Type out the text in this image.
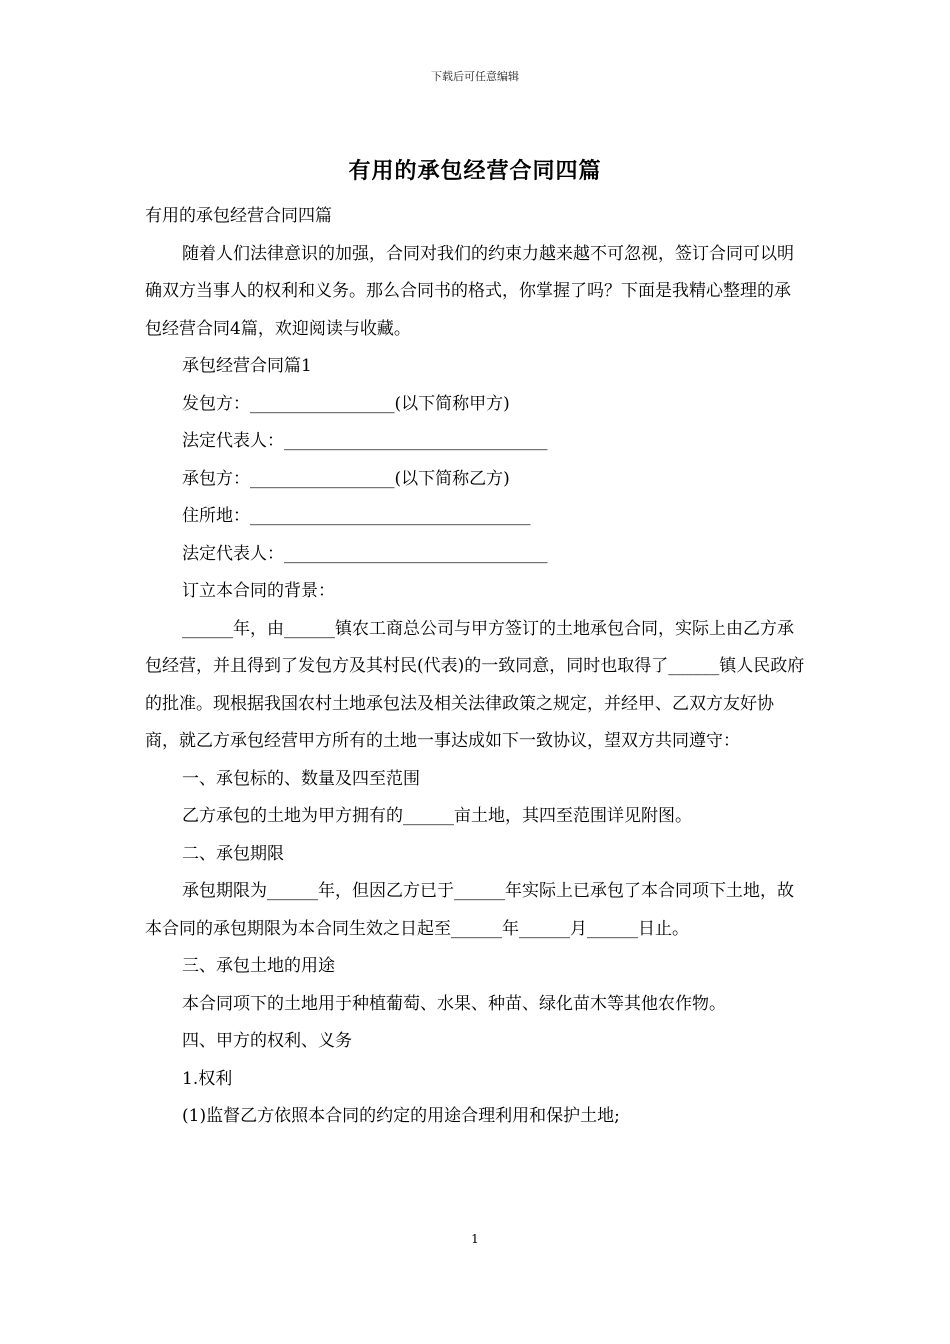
下载后可任意编辑
有用的承包经营合同四篇

有用的承包经营合同四篇

随着人们法律意识的加强，合同对我们的约束力越来越不可忽视，签订合同可以明确双方当事人的权利和义务。那么合同书的格式，你掌握了吗？下面是我精心整理的承包经营合同4篇，欢迎阅读与收藏。

承包经营合同篇1

发包方：_________________(以下简称甲方)

法定代表人：_______________________________

承包方：_________________(以下简称乙方)

住所地：_________________________________

法定代表人：_______________________________

订立本合同的背景：

______年，由______镇农工商总公司与甲方签订的土地承包合同，实际上由乙方承包经营，并且得到了发包方及其村民(代表)的一致同意，同时也取得了______镇人民政府的批准。现根据我国农村土地承包法及相关法律政策之规定，并经甲、乙双方友好协商，就乙方承包经营甲方所有的土地一事达成如下一致协议，望双方共同遵守：

一、承包标的、数量及四至范围

乙方承包的土地为甲方拥有的______亩土地，其四至范围详见附图。

二、承包期限

承包期限为______年，但因乙方已于______年实际上已承包了本合同项下土地，故本合同的承包期限为本合同生效之日起至______年______月______日止。

三、承包土地的用途

本合同项下的土地用于种植葡萄、水果、种苗、绿化苗木等其他农作物。

四、甲方的权利、义务

1.权利

(1)监督乙方依照本合同的约定的用途合理利用和保护土地;

1
